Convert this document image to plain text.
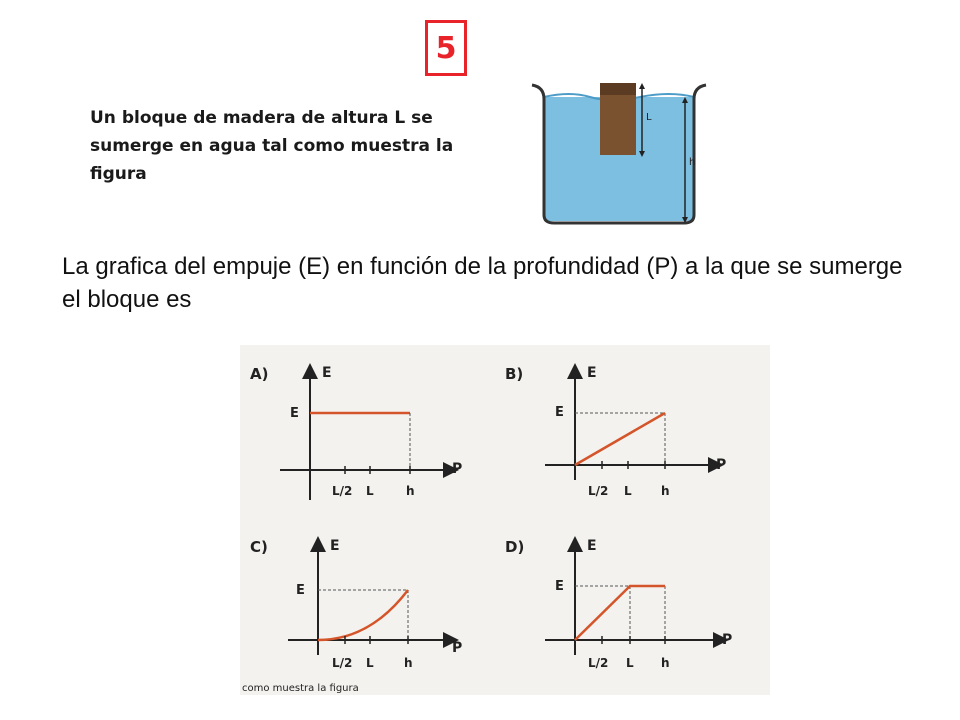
5
Un bloque de madera de altura L se sumerge en agua tal como muestra la figura
L
h
La grafica del empuje (E) en función de la profundidad (P) a la que se sumerge el bloque es
A)	E
P
E
L/2 L	h
B)	E
P
E
L/2 L h
C)	E
P
E
L/2 L	h
D)	E
P
E
L/2 L h
como muestra la figura
